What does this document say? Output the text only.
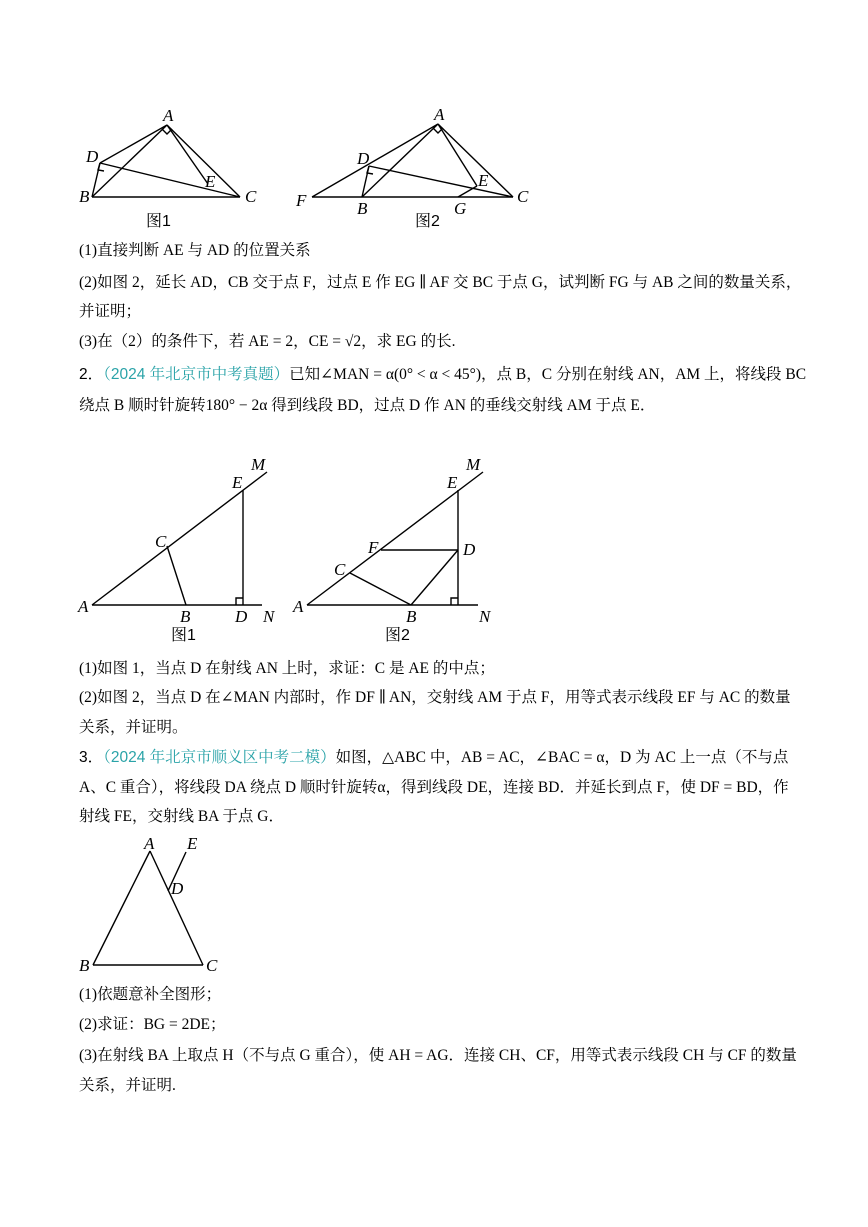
A
D
E
B	C
图1
A
D
E
F	B	G
C
图2
(1)直接判断 AE 与 AD 的位置关系
(2)如图 2，延长 AD，CB 交于点 F，过点 E 作 EG ∥ AF 交 BC 于点 G，试判断 FG 与 AB 之间的数量关系，
并证明；
(3)在（2）的条件下，若 AE = 2，CE = √2，求 EG 的长.
2．（2024 年北京市中考真题）已知∠MAN = α(0° < α < 45°)，点 B，C 分别在射线 AN，AM 上，将线段 BC
绕点 B 顺时针旋转180° − 2α 得到线段 BD，过点 D 作 AN 的垂线交射线 AM 于点 E．
M
E
C
A
B	D N
图1
M
E
F	D
C
A
B	N
图2
(1)如图 1，当点 D 在射线 AN 上时，求证：C 是 AE 的中点；
(2)如图 2，当点 D 在∠MAN 内部时，作 DF ∥ AN，交射线 AM 于点 F，用等式表示线段 EF 与 AC 的数量
关系，并证明。
3．（2024 年北京市顺义区中考二模）如图，△ABC 中，AB = AC，∠BAC = α，D 为 AC 上一点（不与点
A、C 重合），将线段 DA 绕点 D 顺时针旋转α，得到线段 DE，连接 BD．并延长到点 F，使 DF = BD，作
射线 FE，交射线 BA 于点 G．
A E
D
B	C
(1)依题意补全图形；
(2)求证：BG = 2DE；
(3)在射线 BA 上取点 H（不与点 G 重合），使 AH = AG．连接 CH、CF，用等式表示线段 CH 与 CF 的数量
关系，并证明.
